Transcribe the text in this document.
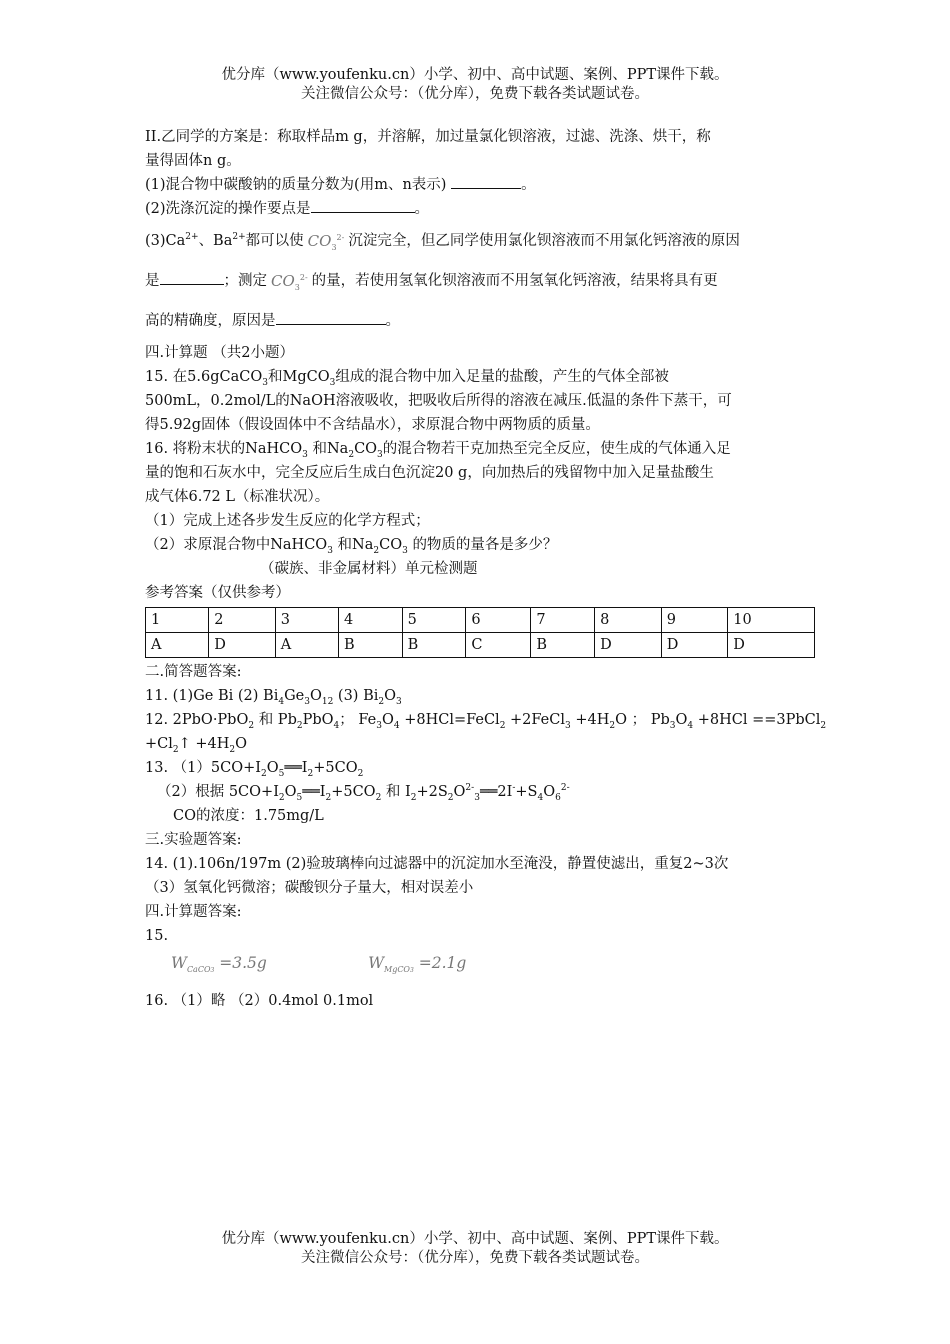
优分库（www.youfenku.cn）小学、初中、高中试题、案例、PPT课件下载。
关注微信公众号：（优分库），免费下载各类试题试卷。
II.乙同学的方案是：称取样品m g，并溶解，加过量氯化钡溶液，过滤、洗涤、烘干，称
量得固体n g。
(1)混合物中碳酸钠的质量分数为(用m、n表示)	。
(2)洗涤沉淀的操作要点是	。
$(3)Ca^{2+}$、$Ba^{2+}$都可以使 $CO_3^{2-}$ 沉淀完全，但乙同学使用氯化钡溶液而不用氯化钙溶液的原因
是	；测定 $CO_3^{2-}$ 的量，若使用氢氧化钡溶液而不用氢氧化钙溶液，结果将具有更
高的精确度，原因是	。
四.计算题 （共2小题）
15. 在5.6gCaCO$_3$和MgCO$_3$组成的混合物中加入足量的盐酸，产生的气体全部被
500mL，0.2mol/L的NaOH溶液吸收，把吸收后所得的溶液在减压.低温的条件下蒸干，可
得5.92g固体（假设固体中不含结晶水），求原混合物中两物质的质量。
16. 将粉末状的NaHCO$_3$ 和$Na_2CO_3$的混合物若干克加热至完全反应，使生成的气体通入足
量的饱和石灰水中，完全反应后生成白色沉淀20 g，向加热后的残留物中加入足量盐酸生
成气体6.72 L（标准状况）。
（1）完成上述各步发生反应的化学方程式；
（2）求原混合物中NaHCO$_3$ 和$Na_2CO_3$ 的物质的量各是多少？
（碳族、非金属材料）单元检测题
参考答案（仅供参考）
1	2	3	4	5	6	7	8	9	10
A	D	A	B	B	C	B	D	D	D
二.简答题答案:
11. (1)Ge Bi (2) $Bi_4Ge_3O_{12}$ (3) $Bi_2O_3$
12. 2PbO·PbO$_2$ 和 $Pb_2PbO_4$； $Fe_3O_4$ +8HCl=FeCl$_2$ +2FeCl$_3$ $+4H_2O$ ； $Pb_3O_4 +8HCl$ ==3PbCl$_2$
$+Cl_2↑ +4H_2O$
13. $(1)5CO+I_2O_5══I_2+5CO_2$
（2）根据 $5CO+I_2O_5══I_2+5CO_2$ 和 $I_2+2S_2O^{2-}_3══2I^-+S_4O_6^{2-}$
CO的浓度：1.75mg/L
三.实验题答案:
14. (1).106n/197m (2)验玻璃棒向过滤器中的沉淀加水至淹没，静置使滤出，重复2~3次
（3）氢氧化钙微溶；碳酸钡分子量大，相对误差小
四.计算题答案:
15.
$W_{CaCO3} =3.5g$	$W_{MgCO3} =2.1g$
16. （1）略 （2）0.4mol 0.1mol
优分库（www.youfenku.cn）小学、初中、高中试题、案例、PPT课件下载。
关注微信公众号：（优分库），免费下载各类试题试卷。
